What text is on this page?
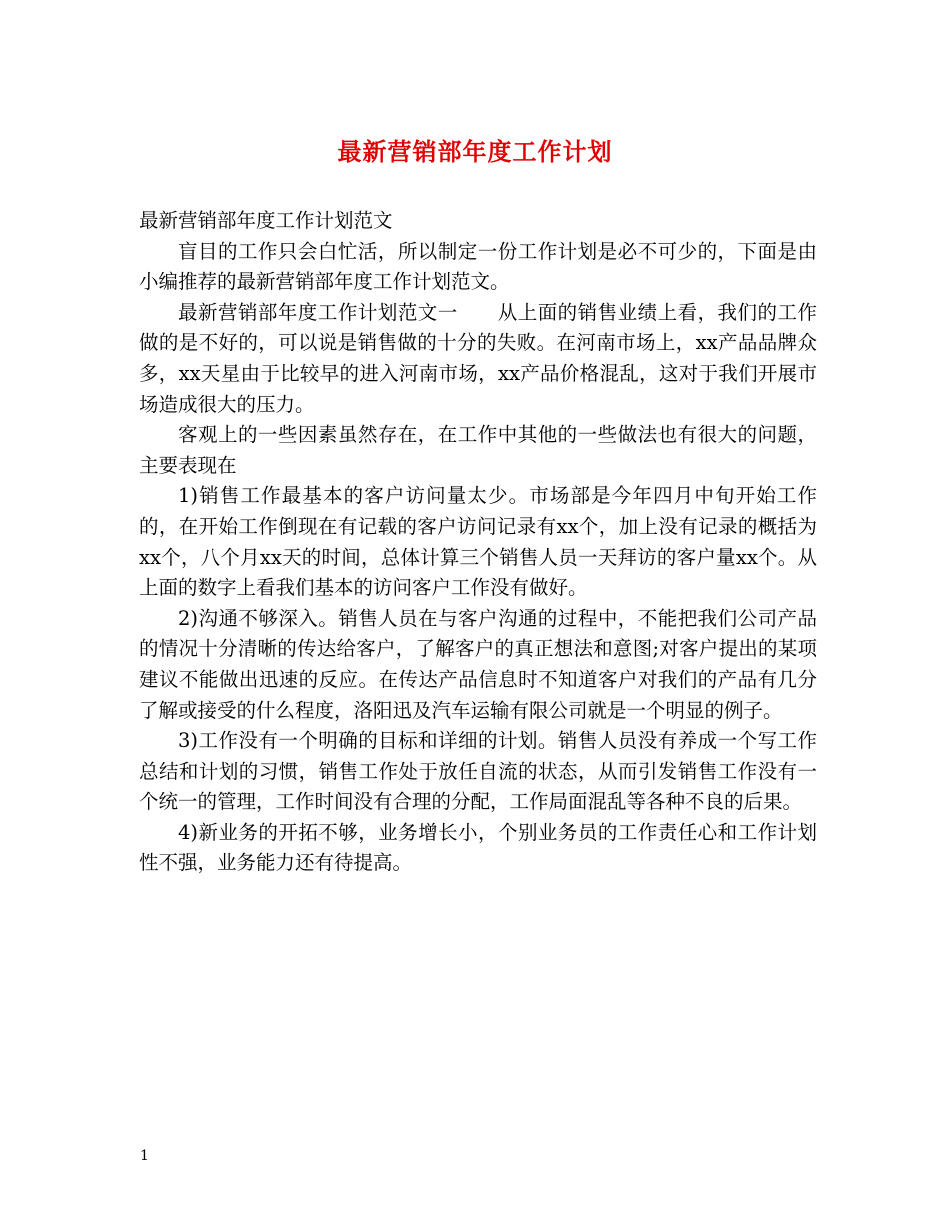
最新营销部年度工作计划

最新营销部年度工作计划范文

盲目的工作只会白忙活，所以制定一份工作计划是必不可少的，下面是由小编推荐的最新营销部年度工作计划范文。

最新营销部年度工作计划范文一　　从上面的销售业绩上看，我们的工作做的是不好的，可以说是销售做的十分的失败。在河南市场上，xx产品品牌众多，xx天星由于比较早的进入河南市场，xx产品价格混乱，这对于我们开展市场造成很大的压力。

客观上的一些因素虽然存在，在工作中其他的一些做法也有很大的问题，主要表现在

1)销售工作最基本的客户访问量太少。市场部是今年四月中旬开始工作的，在开始工作倒现在有记载的客户访问记录有xx个，加上没有记录的概括为xx个，八个月xx天的时间，总体计算三个销售人员一天拜访的客户量xx个。从上面的数字上看我们基本的访问客户工作没有做好。

2)沟通不够深入。销售人员在与客户沟通的过程中，不能把我们公司产品的情况十分清晰的传达给客户，了解客户的真正想法和意图;对客户提出的某项建议不能做出迅速的反应。在传达产品信息时不知道客户对我们的产品有几分了解或接受的什么程度，洛阳迅及汽车运输有限公司就是一个明显的例子。

3)工作没有一个明确的目标和详细的计划。销售人员没有养成一个写工作总结和计划的习惯，销售工作处于放任自流的状态，从而引发销售工作没有一个统一的管理，工作时间没有合理的分配，工作局面混乱等各种不良的后果。

4)新业务的开拓不够，业务增长小，个别业务员的工作责任心和工作计划性不强，业务能力还有待提高。

1
